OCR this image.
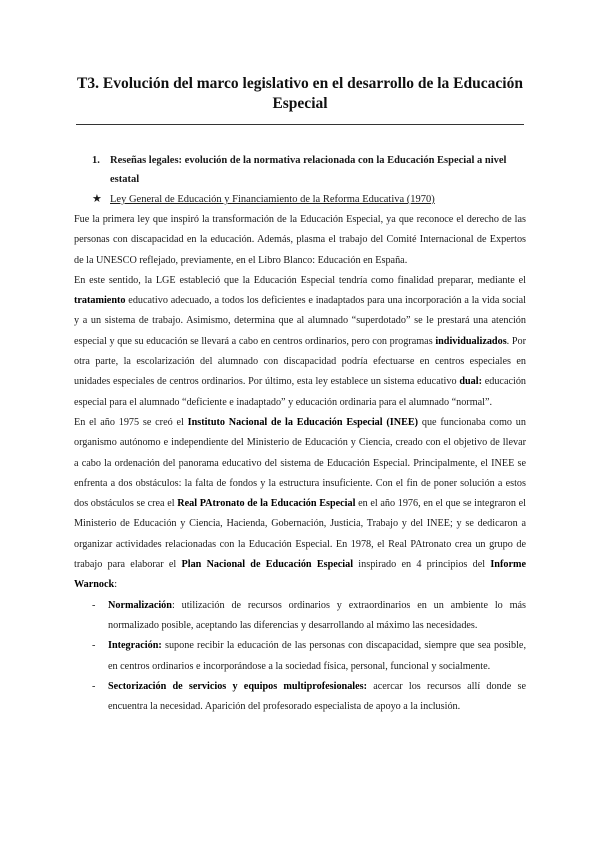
T3. Evolución del marco legislativo en el desarrollo de la Educación Especial
1. Reseñas legales: evolución de la normativa relacionada con la Educación Especial a nivel estatal
★ Ley General de Educación y Financiamiento de la Reforma Educativa (1970)

Fue la primera ley que inspiró la transformación de la Educación Especial, ya que reconoce el derecho de las personas con discapacidad en la educación. Además, plasma el trabajo del Comité Internacional de Expertos de la UNESCO reflejado, previamente, en el Libro Blanco: Educación en España.

En este sentido, la LGE estableció que la Educación Especial tendría como finalidad preparar, mediante el tratamiento educativo adecuado, a todos los deficientes e inadaptados para una incorporación a la vida social y a un sistema de trabajo. Asimismo, determina que al alumnado “superdotado” se le prestará una atención especial y que su educación se llevará a cabo en centros ordinarios, pero con programas individualizados. Por otra parte, la escolarización del alumnado con discapacidad podría efectuarse en centros especiales en unidades especiales de centros ordinarios. Por último, esta ley establece un sistema educativo dual: educación especial para el alumnado “deficiente e inadaptado” y educación ordinaria para el alumnado “normal”.

En el año 1975 se creó el Instituto Nacional de la Educación Especial (INEE) que funcionaba como un organismo autónomo e independiente del Ministerio de Educación y Ciencia, creado con el objetivo de llevar a cabo la ordenación del panorama educativo del sistema de Educación Especial. Principalmente, el INEE se enfrenta a dos obstáculos: la falta de fondos y la estructura insuficiente. Con el fin de poner solución a estos dos obstáculos se crea el Real PAtronato de la Educación Especial en el año 1976, en el que se integraron el Ministerio de Educación y Ciencia, Hacienda, Gobernación, Justicia, Trabajo y del INEE; y se dedicaron a organizar actividades relacionadas con la Educación Especial. En 1978, el Real PAtronato crea un grupo de trabajo para elaborar el Plan Nacional de Educación Especial inspirado en 4 principios del Informe Warnock:

- Normalización: utilización de recursos ordinarios y extraordinarios en un ambiente lo más normalizado posible, aceptando las diferencias y desarrollando al máximo las necesidades.
- Integración: supone recibir la educación de las personas con discapacidad, siempre que sea posible, en centros ordinarios e incorporándose a la sociedad física, personal, funcional y socialmente.
- Sectorización de servicios y equipos multiprofesionales: acercar los recursos allí donde se encuentra la necesidad. Aparición del profesorado especialista de apoyo a la inclusión.
